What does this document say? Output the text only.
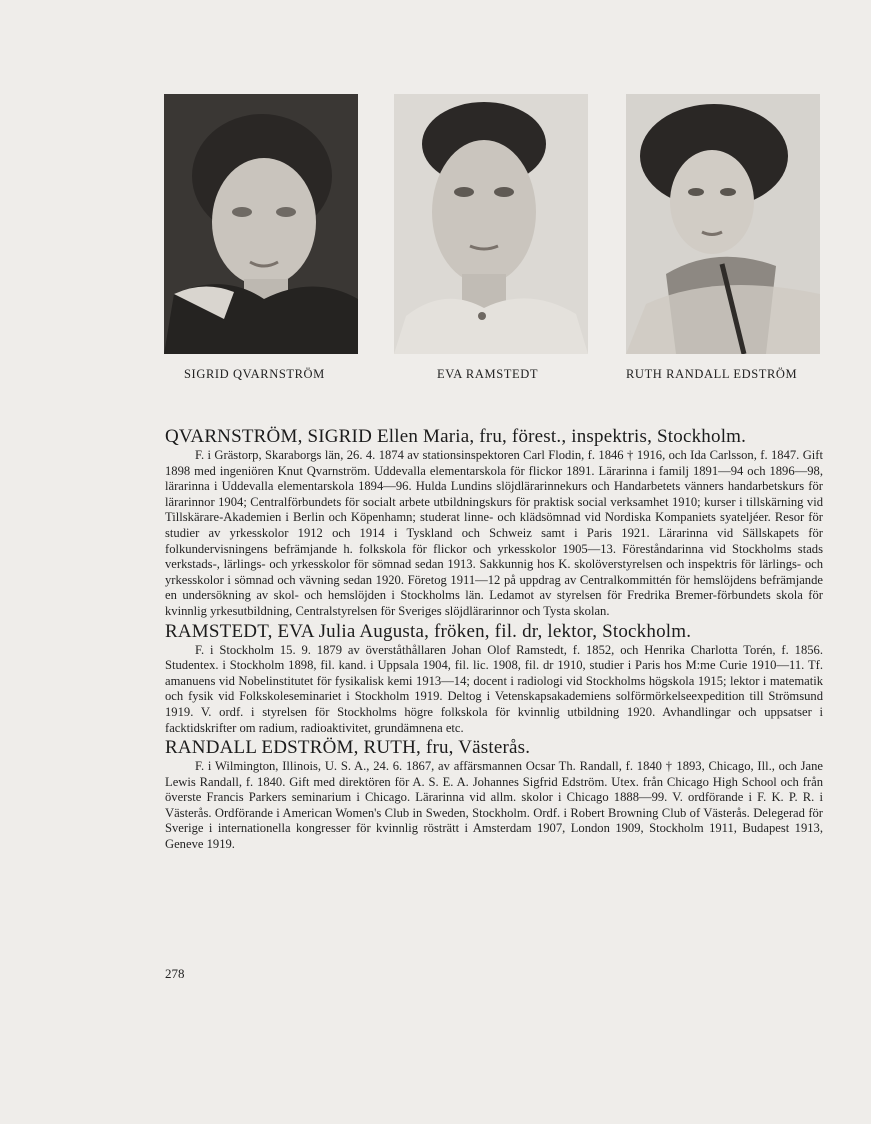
SIGRID QVARNSTRÖM	EVA RAMSTEDT	RUTH RANDALL EDSTRÖM
QVARNSTRÖM, SIGRID Ellen Maria, fru, förest., inspektris, Stockholm.

F. i Grästorp, Skaraborgs län, 26. 4. 1874 av stationsinspektoren Carl Flodin, f. 1846 † 1916, och Ida Carlsson, f. 1847. Gift 1898 med ingeniören Knut Qvarnström. Uddevalla elementarskola för flickor 1891. Lärarinna i familj 1891—94 och 1896—98, lärarinna i Uddevalla elementarskola 1894—96. Hulda Lundins slöjdlärarinnekurs och Handarbetets vänners handarbetskurs för lärarinnor 1904; Centralförbundets för socialt arbete utbildningskurs för praktisk social verksamhet 1910; kurser i tillskärning vid Tillskärare-Akademien i Berlin och Köpenhamn; studerat linne- och klädsömnad vid Nordiska Kompaniets syateljéer. Resor för studier av yrkesskolor 1912 och 1914 i Tyskland och Schweiz samt i Paris 1921. Lärarinna vid Sällskapets för folkundervisningens befrämjande h. folkskola för flickor och yrkesskolor 1905—13. Föreståndarinna vid Stockholms stads verkstads-, lärlings- och yrkesskolor för sömnad sedan 1913. Sakkunnig hos K. skolöverstyrelsen och inspektris för lärlings- och yrkesskolor i sömnad och vävning sedan 1920. Företog 1911—12 på uppdrag av Centralkommittén för hemslöjdens befrämjande en undersökning av skol- och hemslöjden i Stockholms län. Ledamot av styrelsen för Fredrika Bremer-förbundets skola för kvinnlig yrkesutbildning, Centralstyrelsen för Sveriges slöjdlärarinnor och Tysta skolan.

RAMSTEDT, EVA Julia Augusta, fröken, fil. dr, lektor, Stockholm.

F. i Stockholm 15. 9. 1879 av överståthållaren Johan Olof Ramstedt, f. 1852, och Henrika Charlotta Torén, f. 1856. Studentex. i Stockholm 1898, fil. kand. i Uppsala 1904, fil. lic. 1908, fil. dr 1910, studier i Paris hos M:me Curie 1910—11. Tf. amanuens vid Nobelinstitutet för fysikalisk kemi 1913—14; docent i radiologi vid Stockholms högskola 1915; lektor i matematik och fysik vid Folkskoleseminariet i Stockholm 1919. Deltog i Vetenskapsakademiens solförmörkelseexpedition till Strömsund 1919. V. ordf. i styrelsen för Stockholms högre folkskola för kvinnlig utbildning 1920. Avhandlingar och uppsatser i facktidskrifter om radium, radioaktivitet, grundämnena etc.

RANDALL EDSTRÖM, RUTH, fru, Västerås.

F. i Wilmington, Illinois, U. S. A., 24. 6. 1867, av affärsmannen Ocsar Th. Randall, f. 1840 † 1893, Chicago, Ill., och Jane Lewis Randall, f. 1840. Gift med direktören för A. S. E. A. Johannes Sigfrid Edström. Utex. från Chicago High School och från överste Francis Parkers seminarium i Chicago. Lärarinna vid allm. skolor i Chicago 1888—99. V. ordförande i F. K. P. R. i Västerås. Ordförande i American Women's Club in Sweden, Stockholm. Ordf. i Robert Browning Club of Västerås. Delegerad för Sverige i internationella kongresser för kvinnlig rösträtt i Amsterdam 1907, London 1909, Stockholm 1911, Budapest 1913, Geneve 1919.

278
